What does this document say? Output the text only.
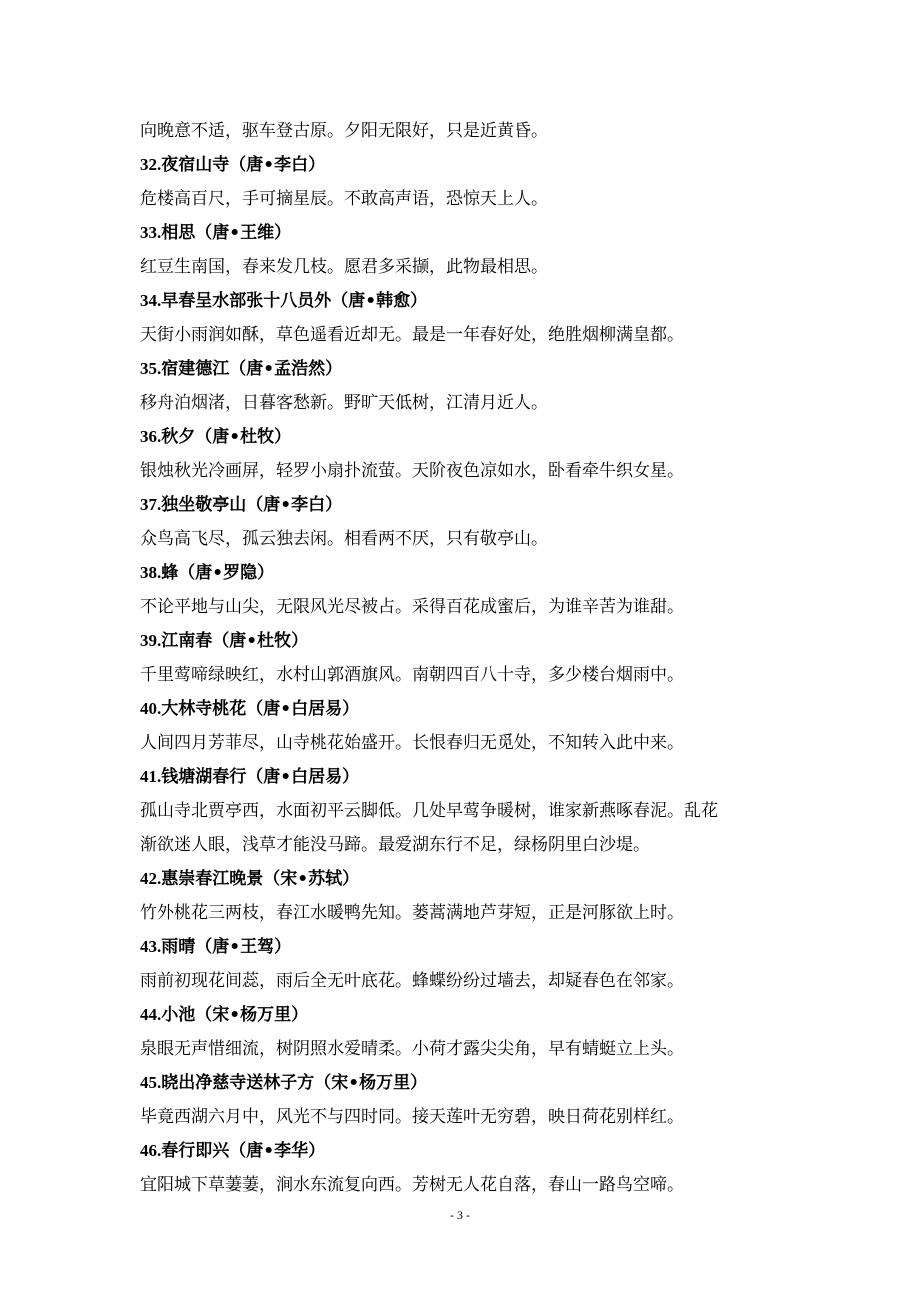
向晚意不适，驱车登古原。夕阳无限好，只是近黄昏。
32.夜宿山寺（唐•李白）
危楼高百尺，手可摘星辰。不敢高声语，恐惊天上人。
33.相思（唐•王维）
红豆生南国，春来发几枝。愿君多采撷，此物最相思。
34.早春呈水部张十八员外（唐•韩愈）
天街小雨润如酥，草色遥看近却无。最是一年春好处，绝胜烟柳满皇都。
35.宿建德江（唐•孟浩然）
移舟泊烟渚，日暮客愁新。野旷天低树，江清月近人。
36.秋夕（唐•杜牧）
银烛秋光冷画屏，轻罗小扇扑流萤。天阶夜色凉如水，卧看牵牛织女星。
37.独坐敬亭山（唐•李白）
众鸟高飞尽，孤云独去闲。相看两不厌，只有敬亭山。
38.蜂（唐•罗隐）
不论平地与山尖，无限风光尽被占。采得百花成蜜后，为谁辛苦为谁甜。
39.江南春（唐•杜牧）
千里莺啼绿映红，水村山郭酒旗风。南朝四百八十寺，多少楼台烟雨中。
40.大林寺桃花（唐•白居易）
人间四月芳菲尽，山寺桃花始盛开。长恨春归无觅处，不知转入此中来。
41.钱塘湖春行（唐•白居易）
孤山寺北贾亭西，水面初平云脚低。几处早莺争暖树，谁家新燕啄春泥。乱花
渐欲迷人眼，浅草才能没马蹄。最爱湖东行不足，绿杨阴里白沙堤。
42.惠崇春江晚景（宋•苏轼）
竹外桃花三两枝，春江水暖鸭先知。蒌蒿满地芦芽短，正是河豚欲上时。
43.雨晴（唐•王驾）
雨前初现花间蕊，雨后全无叶底花。蜂蝶纷纷过墙去，却疑春色在邻家。
44.小池（宋•杨万里）
泉眼无声惜细流，树阴照水爱晴柔。小荷才露尖尖角，早有蜻蜓立上头。
45.晓出净慈寺送林子方（宋•杨万里）
毕竟西湖六月中，风光不与四时同。接天莲叶无穷碧，映日荷花别样红。
46.春行即兴（唐•李华）
宜阳城下草萋萋，涧水东流复向西。芳树无人花自落，春山一路鸟空啼。
- 3 -
